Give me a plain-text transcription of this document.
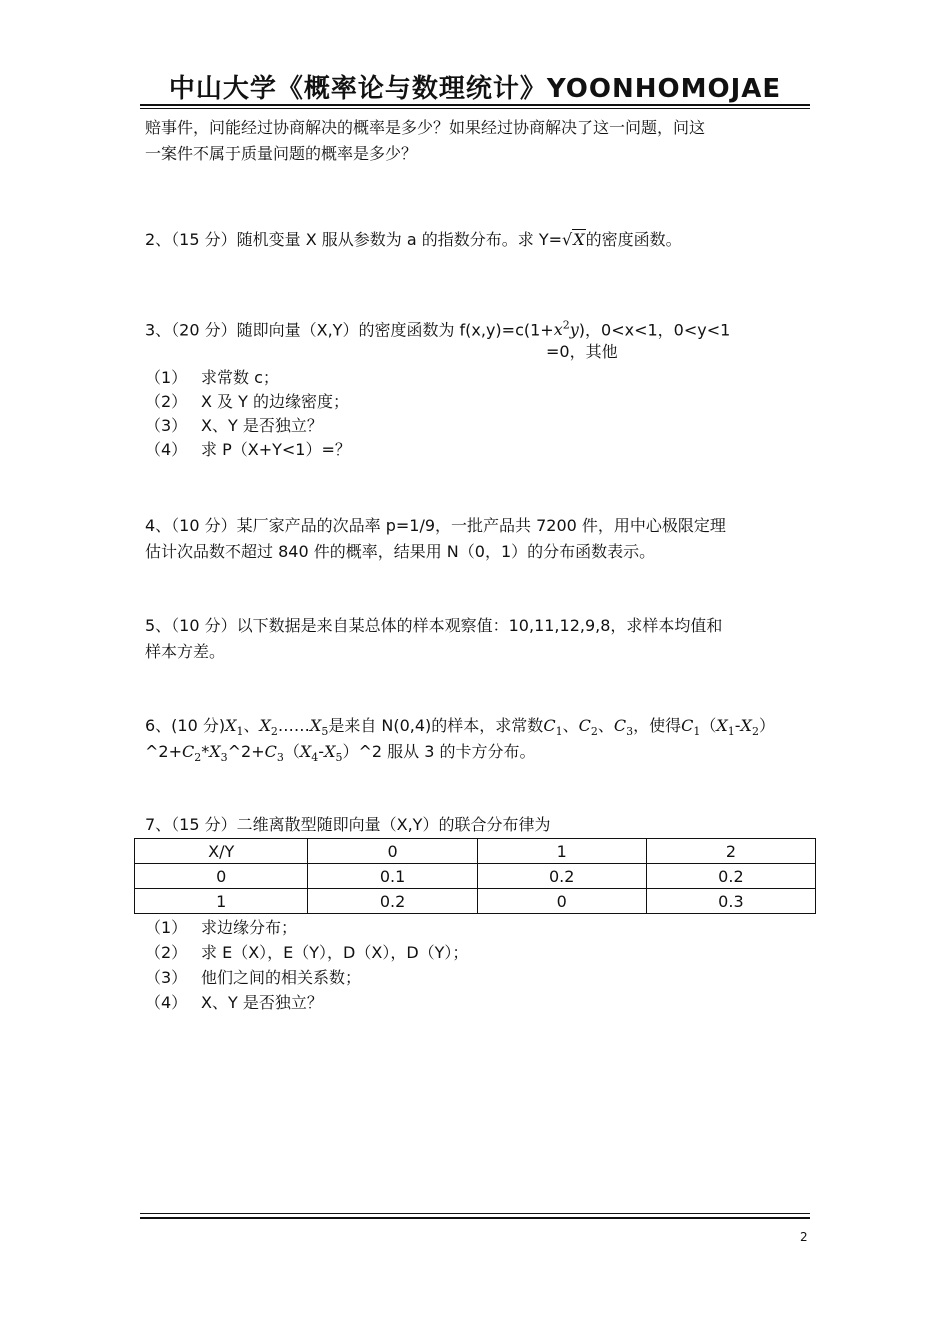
中山大学《概率论与数理统计》YOONHOMOJAE
赔事件，问能经过协商解决的概率是多少？如果经过协商解决了这一问题，问这
一案件不属于质量问题的概率是多少？
2、（15 分）随机变量 X 服从参数为 a 的指数分布。求 Y=√X的密度函数。
3、（20 分）随即向量（X,Y）的密度函数为 $f(x,y)=c(1+x^2y)$，0<x<1，0<y<1
=0，其他
（1） 求常数 c；
（2） X 及 Y 的边缘密度；
（3） X、Y 是否独立？
（4） 求 P（X+Y<1）=？
4、（10 分）某厂家产品的次品率 p=1/9，一批产品共 7200 件，用中心极限定理
估计次品数不超过 840 件的概率，结果用 N（0，1）的分布函数表示。
5、（10 分）以下数据是来自某总体的样本观察值：10,11,12,9,8，求样本均值和
样本方差。
6、(10 分)$X_1$、$X_2\dots\dots X_5$是来自 N(0,4)的样本，求常数$C_1$、$C_2$、$C_3$，使得$C_1(X_1-X_2)$
$\^{}2+C_2*X_3\^{}2+C_3(X_4-X_5)\^{}2$ 服从 3 的卡方分布。
7、（15 分）二维离散型随即向量（X,Y）的联合分布律为
X/Y	0	1	2
0	0.1	0.2	0.2
1	0.2	0	0.3
（1） 求边缘分布；
（2） 求 E（X），E（Y），D（X），D（Y）；
（3） 他们之间的相关系数；
（4） X、Y 是否独立？
2
